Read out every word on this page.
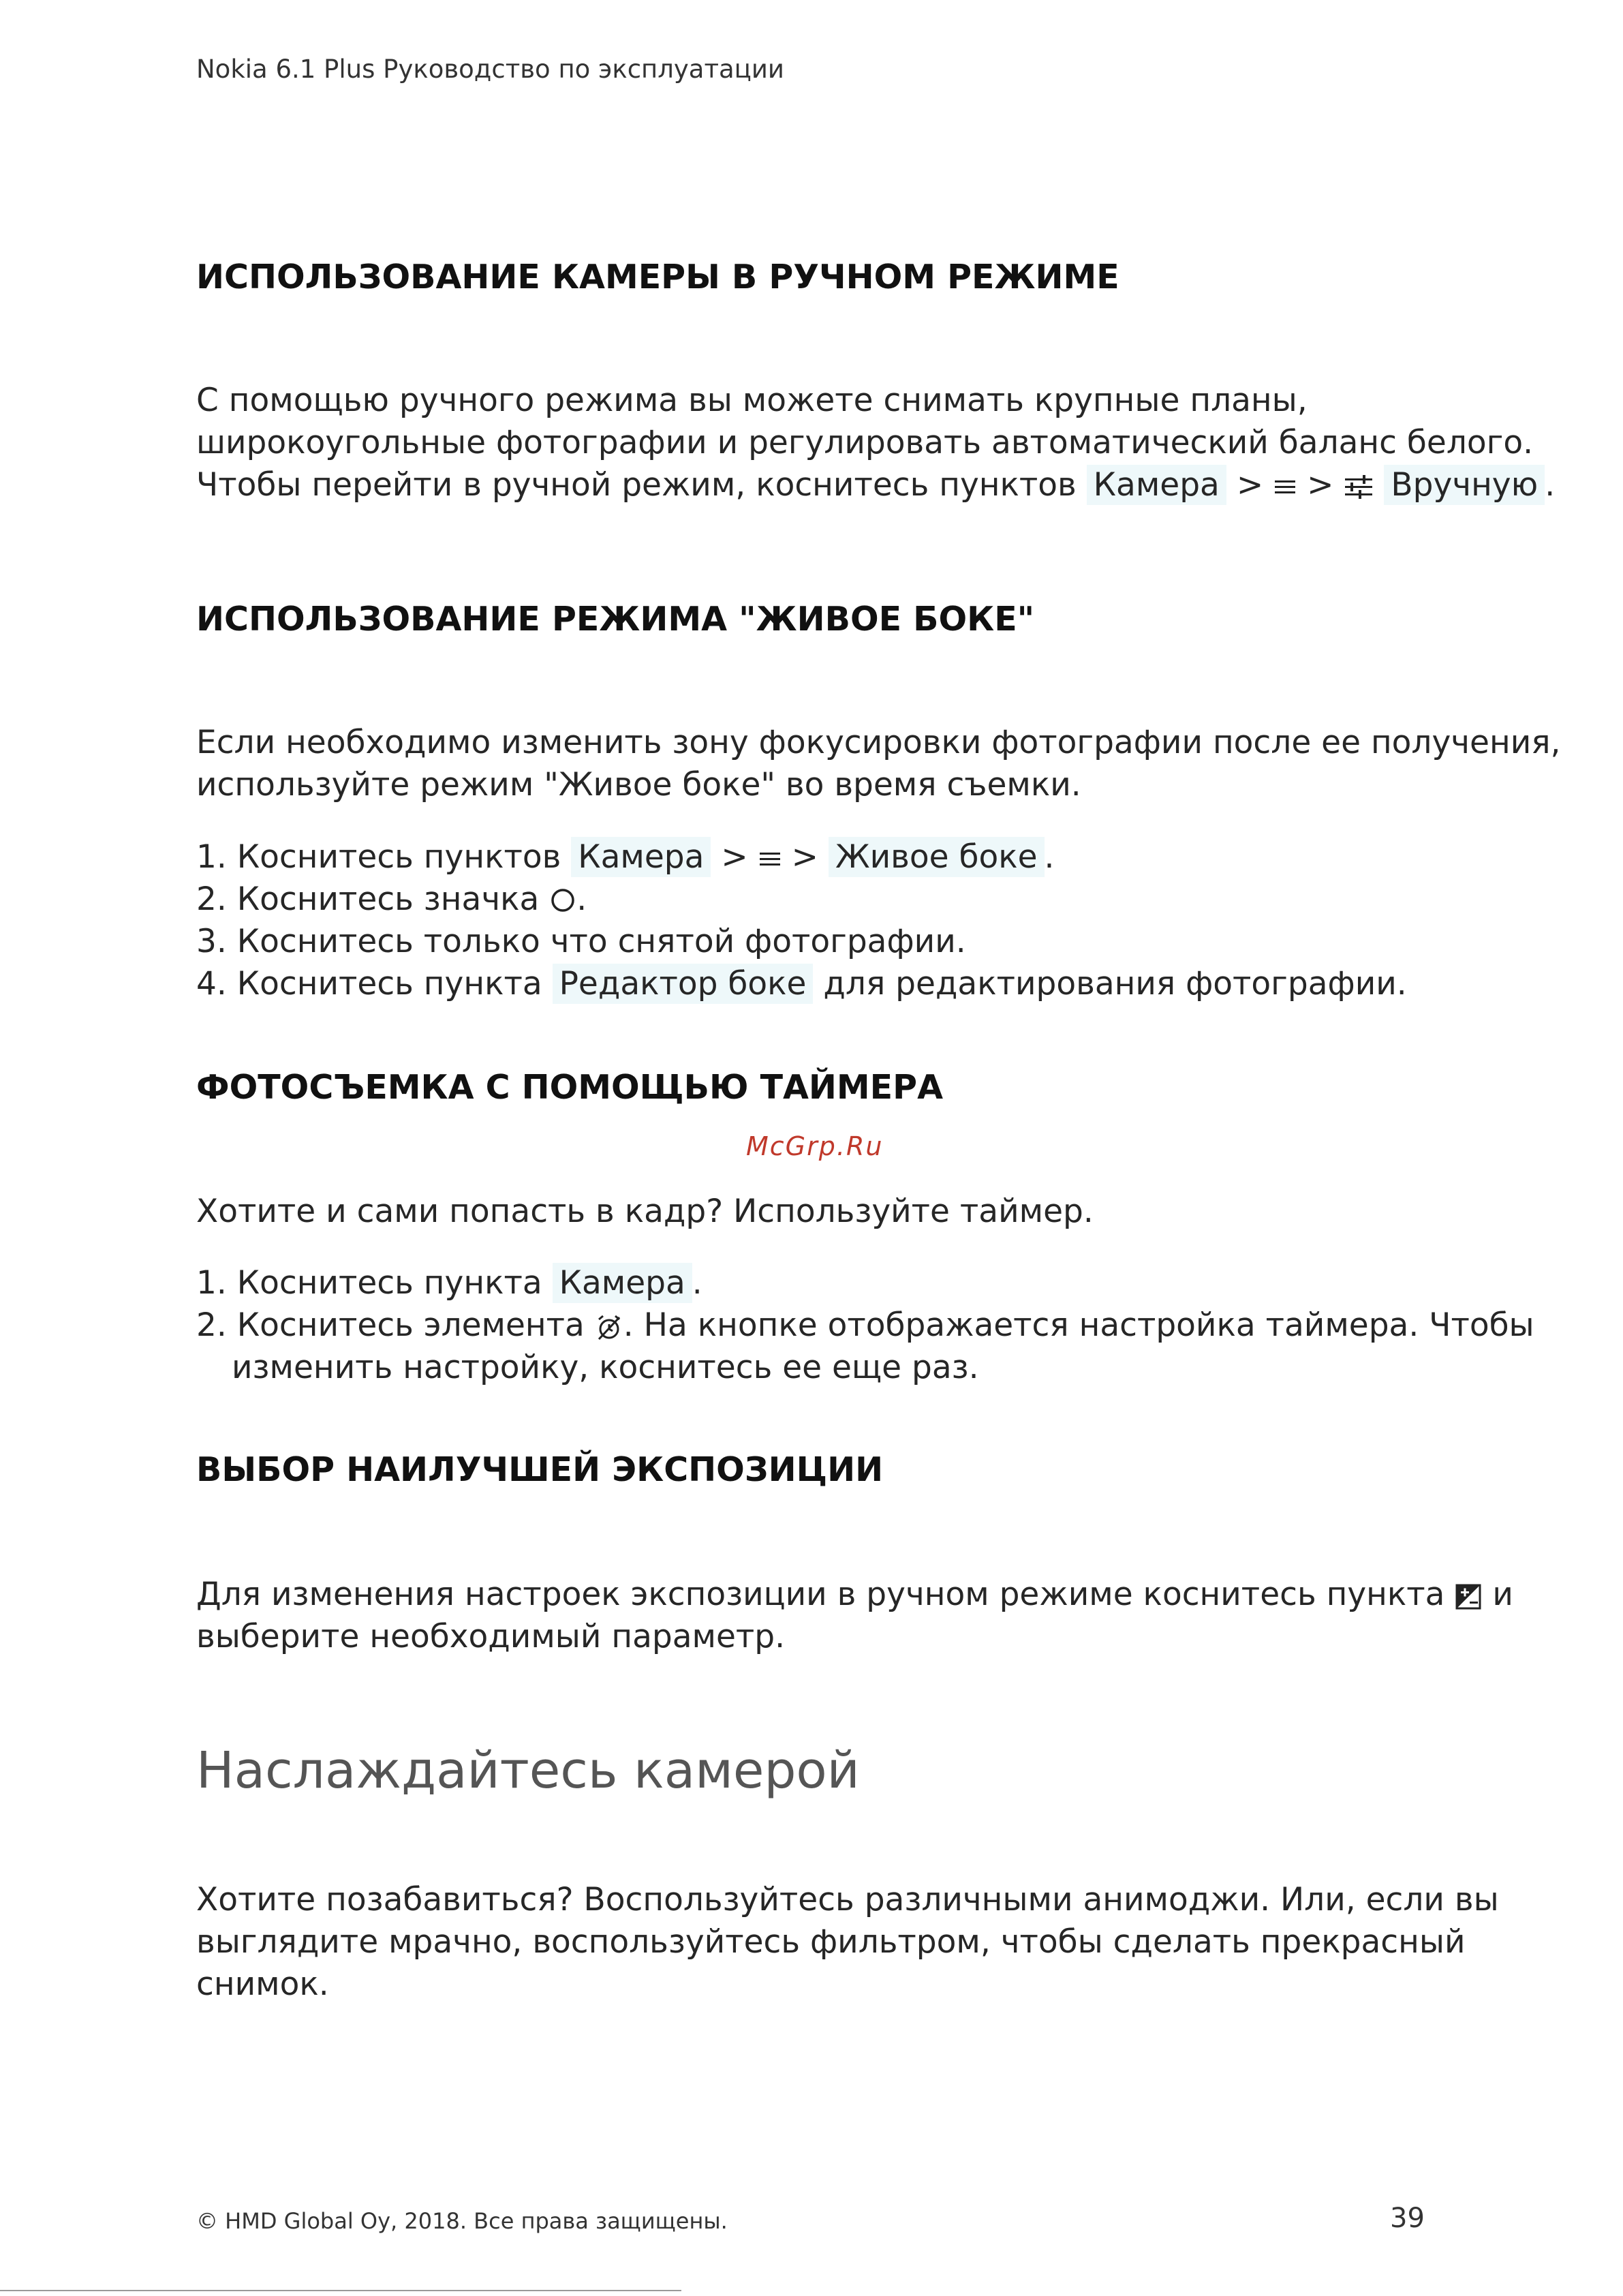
Nokia 6.1 Plus Руководство по эксплуатации
ИСПОЛЬЗОВАНИЕ КАМЕРЫ В РУЧНОМ РЕЖИМЕ
С помощью ручного режима вы можете снимать крупные планы,
широкоугольные фотографии и регулировать автоматический баланс белого.
Чтобы перейти в ручной режим, коснитесь пунктов Камера > > Вручную .
ИСПОЛЬЗОВАНИЕ РЕЖИМА "ЖИВОЕ БОКЕ"
Если необходимо изменить зону фокусировки фотографии после ее получения,
используйте режим "Живое боке" во время съемки.
1. Коснитесь пунктов Камера > > Живое боке .
2. Коснитесь значка .
3. Коснитесь только что снятой фотографии.
4. Коснитесь пункта Редактор боке для редактирования фотографии.
ФОТОСЪЕМКА С ПОМОЩЬЮ ТАЙМЕРА
McGrp.Ru
Хотите и сами попасть в кадр? Используйте таймер.
1. Коснитесь пункта Камера .
2. Коснитесь элемента . На кнопке отображается настройка таймера. Чтобы
изменить настройку, коснитесь ее еще раз.
ВЫБОР НАИЛУЧШЕЙ ЭКСПОЗИЦИИ
Для изменения настроек экспозиции в ручном режиме коснитесь пункта  и
выберите необходимый параметр.
Наслаждайтесь камерой
Хотите позабавиться? Воспользуйтесь различными анимоджи. Или, если вы
выглядите мрачно, воспользуйтесь фильтром, чтобы сделать прекрасный
снимок.
© HMD Global Oy, 2018. Все права защищены.	39
